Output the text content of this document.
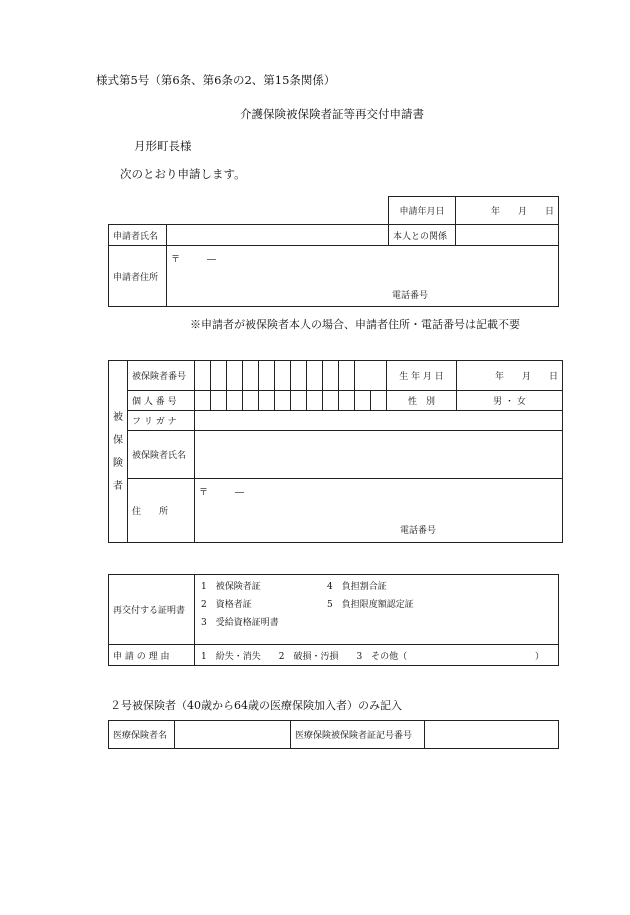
様式第5号（第6条、第6条の2、第15条関係）
介護保険被保険者証等再交付申請書
月形町長様
次のとおり申請します。
		申請年月日	年　　月　　日
申請者氏名		本人との関係	
申請者住所	〒　　　―
電話番号		
※申請者が被保険者本人の場合、申請者住所・電話番号は記載不要
被
保
険
者	被保険者番号													生 年 月 日	年　　月　　日
	個 人 番 号													性　別	男 ・ 女
	フ リ ガ ナ														
	被保険者氏名														
	住　　所	〒　　　―
電話番号													
再交付する証明書	1　被保険者証 4　負担割合証
2　資格者証 5　負担限度額認定証
3　受給資格証明書

申 請 の 理 由	1　紛失・消失　　2　破損・汚損　　3　その他（ ）
２号被保険者（40歳から64歳の医療保険加入者）のみ記入
医療保険者名		医療保険被保険者証記号番号	
